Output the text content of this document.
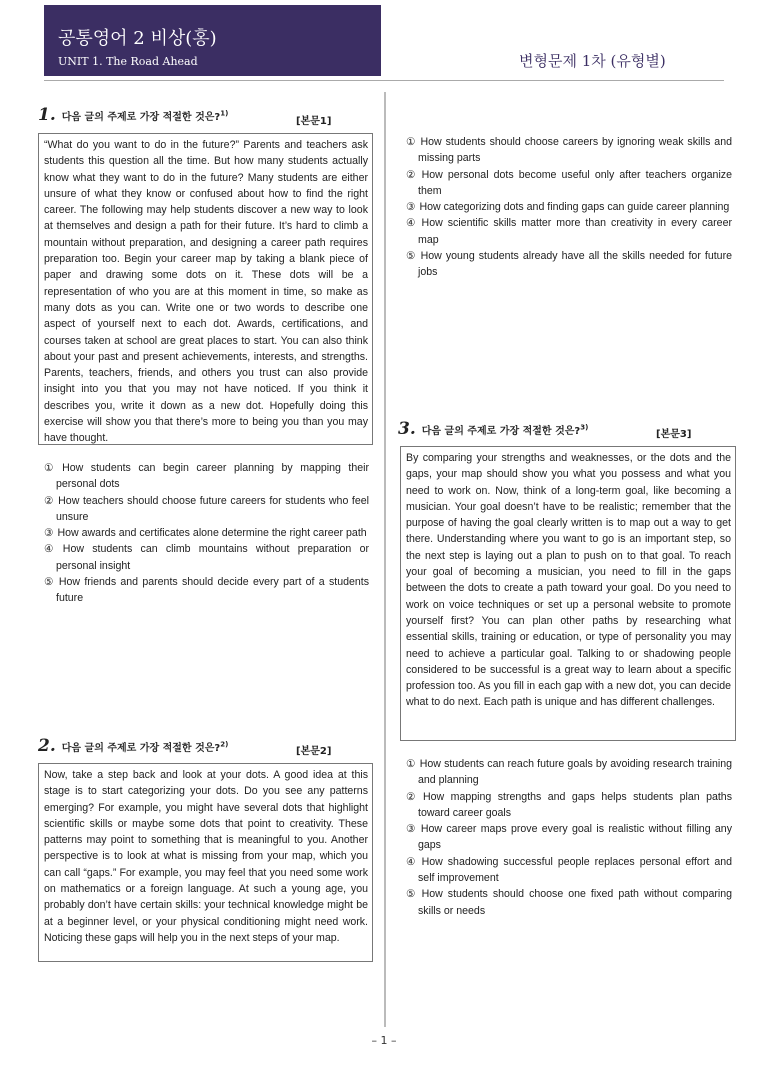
공통영어 2 비상(홍)
UNIT 1. The Road Ahead	변형문제 1차 (유형별)
1. 다음 글의 주제로 가장 적절한 것은?$^{1)}$
[본문1]
“What do you want to do in the future?” Parents and teachers ask students this question all the time. But how many students actually know what they want to do in the future? Many students are either unsure of what they know or confused about how to find the right career. The following may help students discover a new way to look at themselves and design a path for their future. It’s hard to climb a mountain without preparation, and designing a career path requires preparation too. Begin your career map by taking a blank piece of paper and drawing some dots on it. These dots will be a representation of who you are at this moment in time, so make as many dots as you can. Write one or two words to describe one aspect of yourself next to each dot. Awards, certifications, and courses taken at school are great places to start. You can also think about your past and present achievements, interests, and strengths. Parents, teachers, friends, and others you trust can also provide insight into you that you may not have noticed. If you think it describes you, write it down as a new dot. Hopefully doing this exercise will show you that there’s more to being you than you may have thought.
① How students can begin career planning by mapping their personal dots
② How teachers should choose future careers for students who feel unsure
③ How awards and certificates alone determine the right career path
④ How students can climb mountains without preparation or personal insight
⑤ How friends and parents should decide every part of a students future
2. 다음 글의 주제로 가장 적절한 것은?$^{2)}$
[본문2]
Now, take a step back and look at your dots. A good idea at this stage is to start categorizing your dots. Do you see any patterns emerging? For example, you might have several dots that highlight scientific skills or maybe some dots that point to creativity. These patterns may point to something that is meaningful to you. Another perspective is to look at what is missing from your map, which you can call “gaps.” For example, you may feel that you need some work on mathematics or a foreign language. At such a young age, you probably don’t have certain skills: your technical knowledge might be at a beginner level, or your physical conditioning might need work. Noticing these gaps will help you in the next steps of your map.
① How students should choose careers by ignoring weak skills and missing parts
② How personal dots become useful only after teachers organize them
③ How categorizing dots and finding gaps can guide career planning
④ How scientific skills matter more than creativity in every career map
⑤ How young students already have all the skills needed for future jobs
3. 다음 글의 주제로 가장 적절한 것은?$^{3)}$
[본문3]
By comparing your strengths and weaknesses, or the dots and the gaps, your map should show you what you possess and what you need to work on. Now, think of a long-term goal, like becoming a musician. Your goal doesn’t have to be realistic; remember that the purpose of having the goal clearly written is to map out a way to get there. Understanding where you want to go is an important step, so the next step is laying out a plan to push on to that goal. To reach your goal of becoming a musician, you need to fill in the gaps between the dots to create a path toward your goal. Do you need to work on voice techniques or set up a personal website to promote yourself first? You can plan other paths by researching what essential skills, training or education, or type of personality you may need to achieve a particular goal. Talking to or shadowing people considered to be successful is a great way to learn about a specific profession too. As you fill in each gap with a new dot, you can decide what to do next. Each path is unique and has different challenges.
① How students can reach future goals by avoiding research training and planning
② How mapping strengths and gaps helps students plan paths toward career goals
③ How career maps prove every goal is realistic without filling any gaps
④ How shadowing successful people replaces personal effort and self improvement
⑤ How students should choose one fixed path without comparing skills or needs
– 1 –
